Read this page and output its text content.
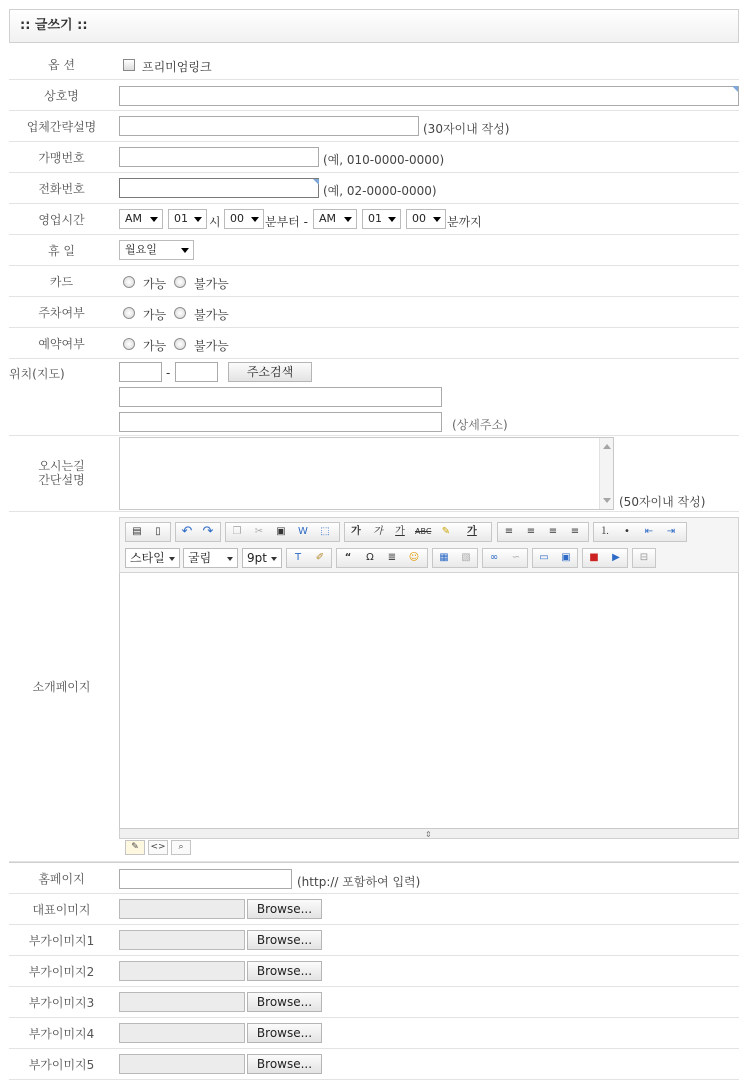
:: 글쓰기 ::
옵 션	프리미엄링크
상호명
업체간략설명	(30자이내 작성)
가맹번호	(예, 010-0000-0000)
전화번호	(예, 02-0000-0000)
영업시간	AM	01	시 00	분부터 -	AM	01	00	분까지
휴 일	월요일
카드	가능 불가능
주차여부	가능 불가능
예약여부	가능 불가능
위치(지도)	-	주소검색
(상세주소)
오시는길
간단설명
(50자이내 작성)
소개페이지
▤	▯	↶ ↷ ❐ ✂ ▣ W ⬚ 가 가 가 ABC ✎ 가	≡ ≡ ≡ ≡ ⒈	•	⇤ ⇥
스타일	굴림	9pt	T	✐	“	Ω	≣ ☺ ▦ ▧ ∞ ∽ ▭ ▣ ■	▶	⊟
⇕
✎	<>	⌕
홈페이지	(http:// 포함하여 입력)
대표이미지	Browse...
부가이미지1	Browse...
부가이미지2	Browse...
부가이미지3	Browse...
부가이미지4	Browse...
부가이미지5	Browse...
